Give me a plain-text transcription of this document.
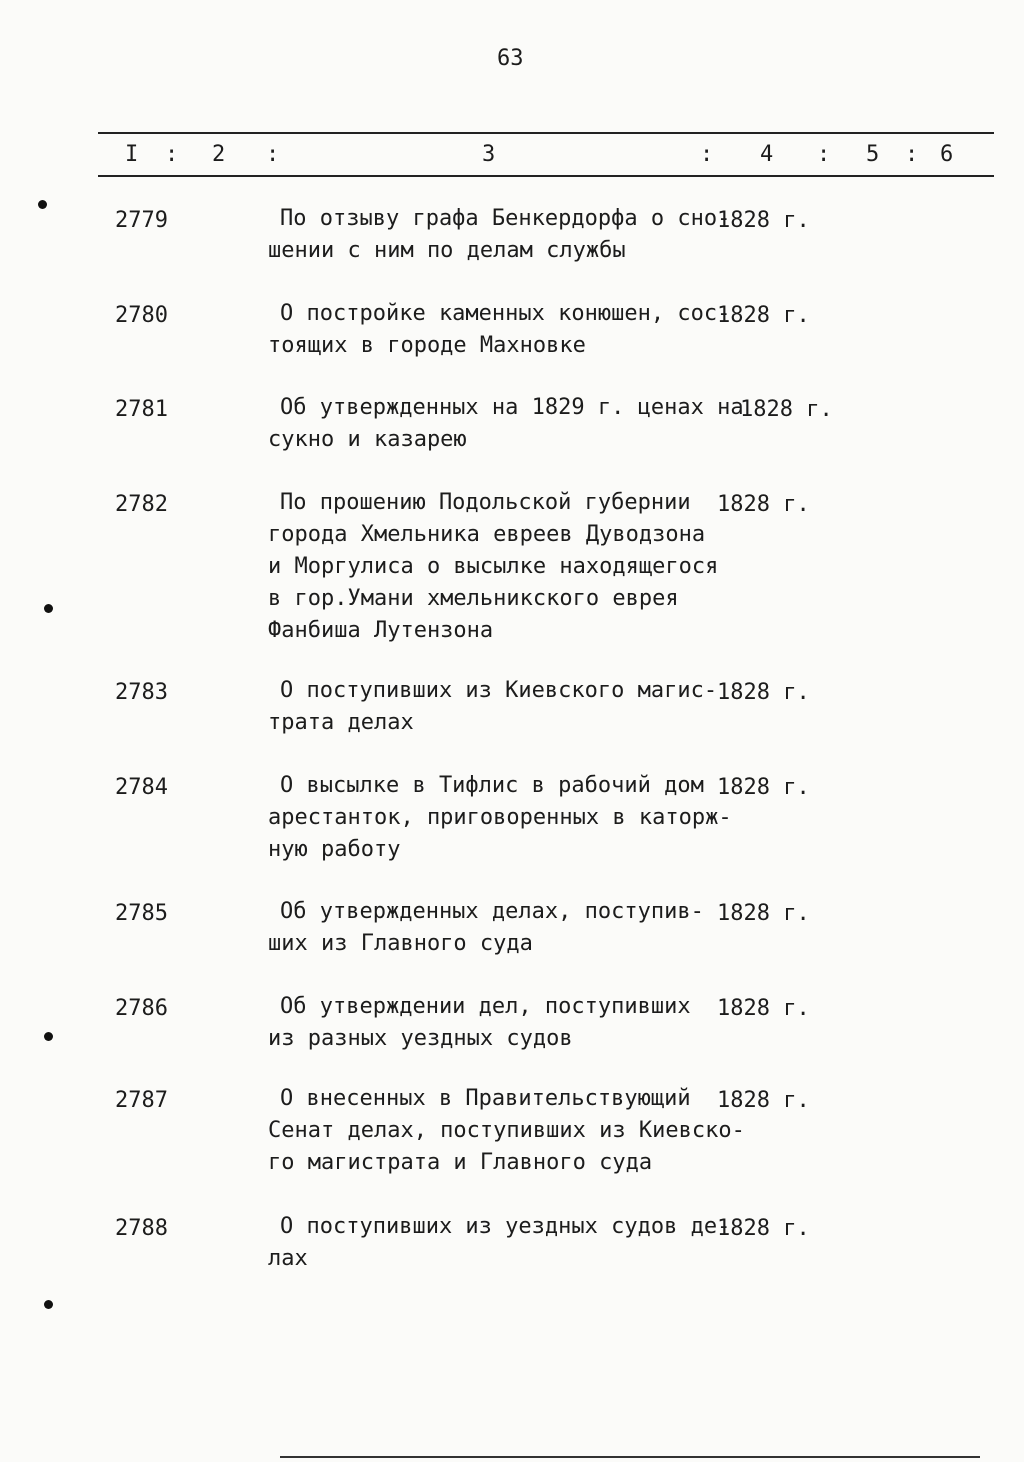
63
I : 2 :	3	: 4 : 5 : 6
2779	По отзыву графа Бенкердорфа о сно-
шении с ним по делам службы
1828 г.
2780	О постройке каменных конюшен, сос-
тоящих в городе Махновке
1828 г.
2781	Об утвержденных на 1829 г. ценах на
сукно и казарею
1828 г.
2782	По прошению Подольской губернии
города Хмельника евреев Дуводзона
и Моргулиса о высылке находящегося
в гор.Умани хмельникского еврея
Фанбиша Лутензона
1828 г.
2783	О поступивших из Киевского магис-
трата делах
1828 г.
2784	О высылке в Тифлис в рабочий дом
арестанток, приговоренных в каторж-
ную работу
1828 г.
2785	Об утвержденных делах, поступив-
ших из Главного суда
1828 г.
2786	Об утверждении дел, поступивших
из разных уездных судов
1828 г.
2787	О внесенных в Правительствующий
Сенат делах, поступивших из Киевско-
го магистрата и Главного суда
1828 г.
2788	О поступивших из уездных судов де-
лах
1828 г.
